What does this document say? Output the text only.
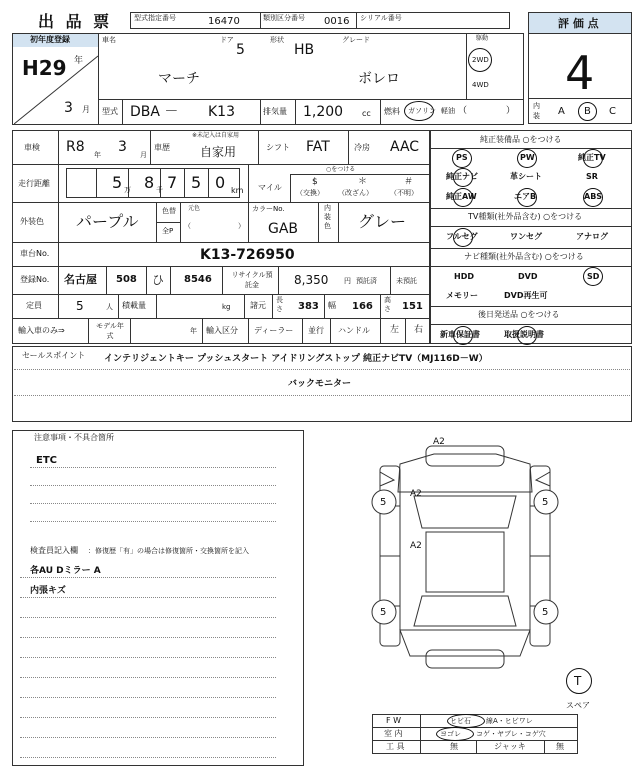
出 品 票	型式指定番号	16470	類別区分番号 0016 シリアル番号	評 価 点
4
内装	A B C
初年度登録
H29 年
3 月
車名
マーチ
ドア
5
形状
HB
グレード
ボレロ
駆動
2WD
4WD
型式 DBA － K13	排気量 1,200 cc 燃料 ガソリン 軽油 （	）
車検 R8 年 3 月
車歴
※未記入は自家用
自家用	シフト FAT	冷房 AAC
走行距離	5 万 8 千 7 5 0 km マイル
○をつける
$
（交換）
＊
（改ざん）
＃
（不明）
外装色 パープル
色替 元色
（	）
全P
カラーNo.
GAB
内装色 グレー
車台No.	K13-726950
登録No. 名古屋 508 ひ 8546	リサイクル預託金	8,350 円 預託済	未預託
定員	5	人 積載量	kg 諸元
長さ 383 幅 166
高さ 151
輸入車のみ⇒	モデル年式
年 輸入区分 ディーラー 並行 ハンドル 左 右
純正装備品 ○をつける
PS	PW	純正TV
純正ナビ	革シート	SR
純正AW	エアB	ABS
TV種類(社外品含む) ○をつける
フルセグ	ワンセグ	アナログ
ナビ種類(社外品含む) ○をつける
HDD	DVD	SD
メモリー	DVD再生可
後日発送品 ○をつける
新車保証書	取扱説明書
セールスポイント インテリジェントキー プッシュスタート アイドリングストップ 純正ナビTV（MJ116D－W）
バックモニター
注意事項・不具合箇所
ETC
検査員記入欄 ：修復歴「有」の場合は修復箇所・交換箇所を記入
各AU Dミラー A
内張キズ
A2
A2
A2
5	5
5	5
T
スペア
F W	ヒビ石 線A・ヒビワレ
室 内	ヨゴレ コゲ・ヤブレ・コゲ穴
工 具	無	ジャッキ	無
